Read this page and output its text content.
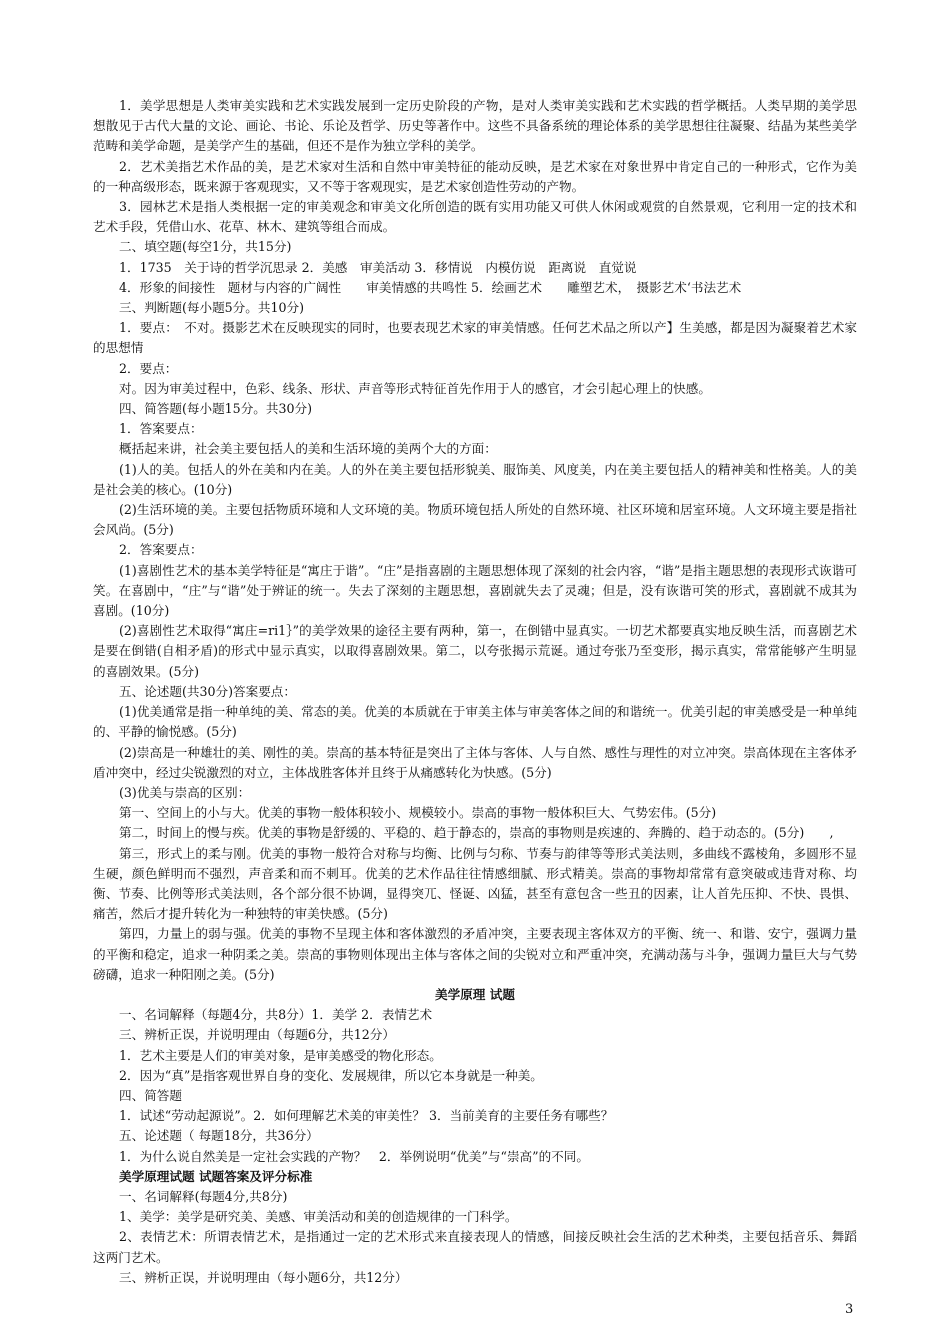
1．美学思想是人类审美实践和艺术实践发展到一定历史阶段的产物，是对人类审美实践和艺术实践的哲学概括。人类早期的美学思想散见于古代大量的文论、画论、书论、乐论及哲学、历史等著作中。这些不具备系统的理论体系的美学思想往往凝聚、结晶为某些美学范畴和美学命题，是美学产生的基础，但还不是作为独立学科的美学。

2．艺术美指艺术作品的美，是艺术家对生活和自然中审美特征的能动反映，是艺术家在对象世界中肯定自己的一种形式，它作为美的一种高级形态，既来源于客观现实，又不等于客观现实，是艺术家创造性劳动的产物。

3．园林艺术是指人类根据一定的审美观念和审美文化所创造的既有实用功能又可供人休闲或观赏的自然景观，它利用一定的技术和艺术手段，凭借山水、花草、林木、建筑等组合而成。

二、填空题(每空1分，共15分)

1．1735　关于诗的哲学沉思录 2．美感　审美活动 3．移情说　内模仿说　距离说　直觉说

4．形象的间接性　题材与内容的广阔性　　审美情感的共鸣性 5．绘画艺术　　雕塑艺术，　摄影艺术‘书法艺术

三、判断题(每小题5分。共10分)

1．要点：　不对。摄影艺术在反映现实的同时，也要表现艺术家的审美情感。任何艺术品之所以产】生美感，都是因为凝聚着艺术家的思想情

2．要点：

对。因为审美过程中，色彩、线条、形状、声音等形式特征首先作用于人的感官，才会引起心理上的快感。

四、简答题(每小题15分。共30分)

1．答案要点：

概括起来讲，社会美主要包括人的美和生活环境的美两个大的方面：

(1)人的美。包括人的外在美和内在美。人的外在美主要包括形貌美、服饰美、风度美，内在美主要包括人的精神美和性格美。人的美是社会美的核心。(10分)

(2)生活环境的美。主要包括物质环境和人文环境的美。物质环境包括人所处的自然环境、社区环境和居室环境。人文环境主要是指社会风尚。(5分)

2．答案要点：

(1)喜剧性艺术的基本美学特征是“寓庄于谐”。“庄”是指喜剧的主题思想体现了深刻的社会内容，“谐”是指主题思想的表现形式诙谐可笑。在喜剧中，“庄”与“谐”处于辨证的统一。失去了深刻的主题思想，喜剧就失去了灵魂；但是，没有诙谐可笑的形式，喜剧就不成其为喜剧。(10分)

(2)喜剧性艺术取得“寓庄=ri1｝”的美学效果的途径主要有两种，第一，在倒错中显真实。一切艺术都要真实地反映生活，而喜剧艺术是要在倒错(自相矛盾)的形式中显示真实，以取得喜剧效果。第二，以夸张揭示荒诞。通过夸张乃至变形，揭示真实，常常能够产生明显的喜剧效果。(5分)

五、论述题(共30分)答案要点：

(1)优美通常是指一种单纯的美、常态的美。优美的本质就在于审美主体与审美客体之间的和谐统一。优美引起的审美感受是一种单纯的、平静的愉悦感。(5分)

(2)崇高是一种雄壮的美、刚性的美。崇高的基本特征是突出了主体与客体、人与自然、感性与理性的对立冲突。崇高体现在主客体矛盾冲突中，经过尖锐激烈的对立，主体战胜客体并且终于从痛感转化为快感。(5分)

(3)优美与崇高的区别：

第一、空间上的小与大。优美的事物一般体积较小、规模较小。崇高的事物一般体积巨大、气势宏伟。(5分)

第二，时间上的慢与疾。优美的事物是舒缓的、平稳的、趋于静态的，崇高的事物则是疾速的、奔腾的、趋于动态的。(5分)　　,

第三，形式上的柔与刚。优美的事物一般符合对称与均衡、比例与匀称、节奏与韵律等等形式美法则，多曲线不露棱角，多圆形不显生硬，颜色鲜明而不强烈，声音柔和而不刺耳。优美的艺术作品往往情感细腻、形式精美。崇高的事物却常常有意突破或违背对称、均衡、节奏、比例等形式美法则，各个部分很不协调，显得突兀、怪诞、凶猛，甚至有意包含一些丑的因素，让人首先压抑、不快、畏惧、痛苦，然后才提升转化为一种独特的审美快感。(5分)

第四，力量上的弱与强。优美的事物不呈现主体和客体激烈的矛盾冲突，主要表现主客体双方的平衡、统一、和谐、安宁，强调力量的平衡和稳定，追求一种阴柔之美。崇高的事物则体现出主体与客体之间的尖锐对立和严重冲突，充满动荡与斗争，强调力量巨大与气势磅礴，追求一种阳刚之美。(5分)

美学原理 试题

一、名词解释（每题4分，共8分）1．美学 2．表情艺术

三、辨析正误，并说明理由（每题6分，共12分）

1．艺术主要是人们的审美对象，是审美感受的物化形态。

2．因为“真”是指客观世界自身的变化、发展规律，所以它本身就是一种美。

四、简答题

1．试述“劳动起源说”。2．如何理解艺术美的审美性？ 3．当前美育的主要任务有哪些？

五、论述题（ 每题18分，共36分）

1．为什么说自然美是一定社会实践的产物？　2．举例说明“优美”与“崇高”的不同。

美学原理试题 试题答案及评分标准

一、名词解释(每题4分,共8分)

1、美学：美学是研究美、美感、审美活动和美的创造规律的一门科学。

2、表情艺术：所谓表情艺术，是指通过一定的艺术形式来直接表现人的情感，间接反映社会生活的艺术种类，主要包括音乐、舞蹈这两门艺术。

三、辨析正误，并说明理由（每小题6分，共12分）

3
